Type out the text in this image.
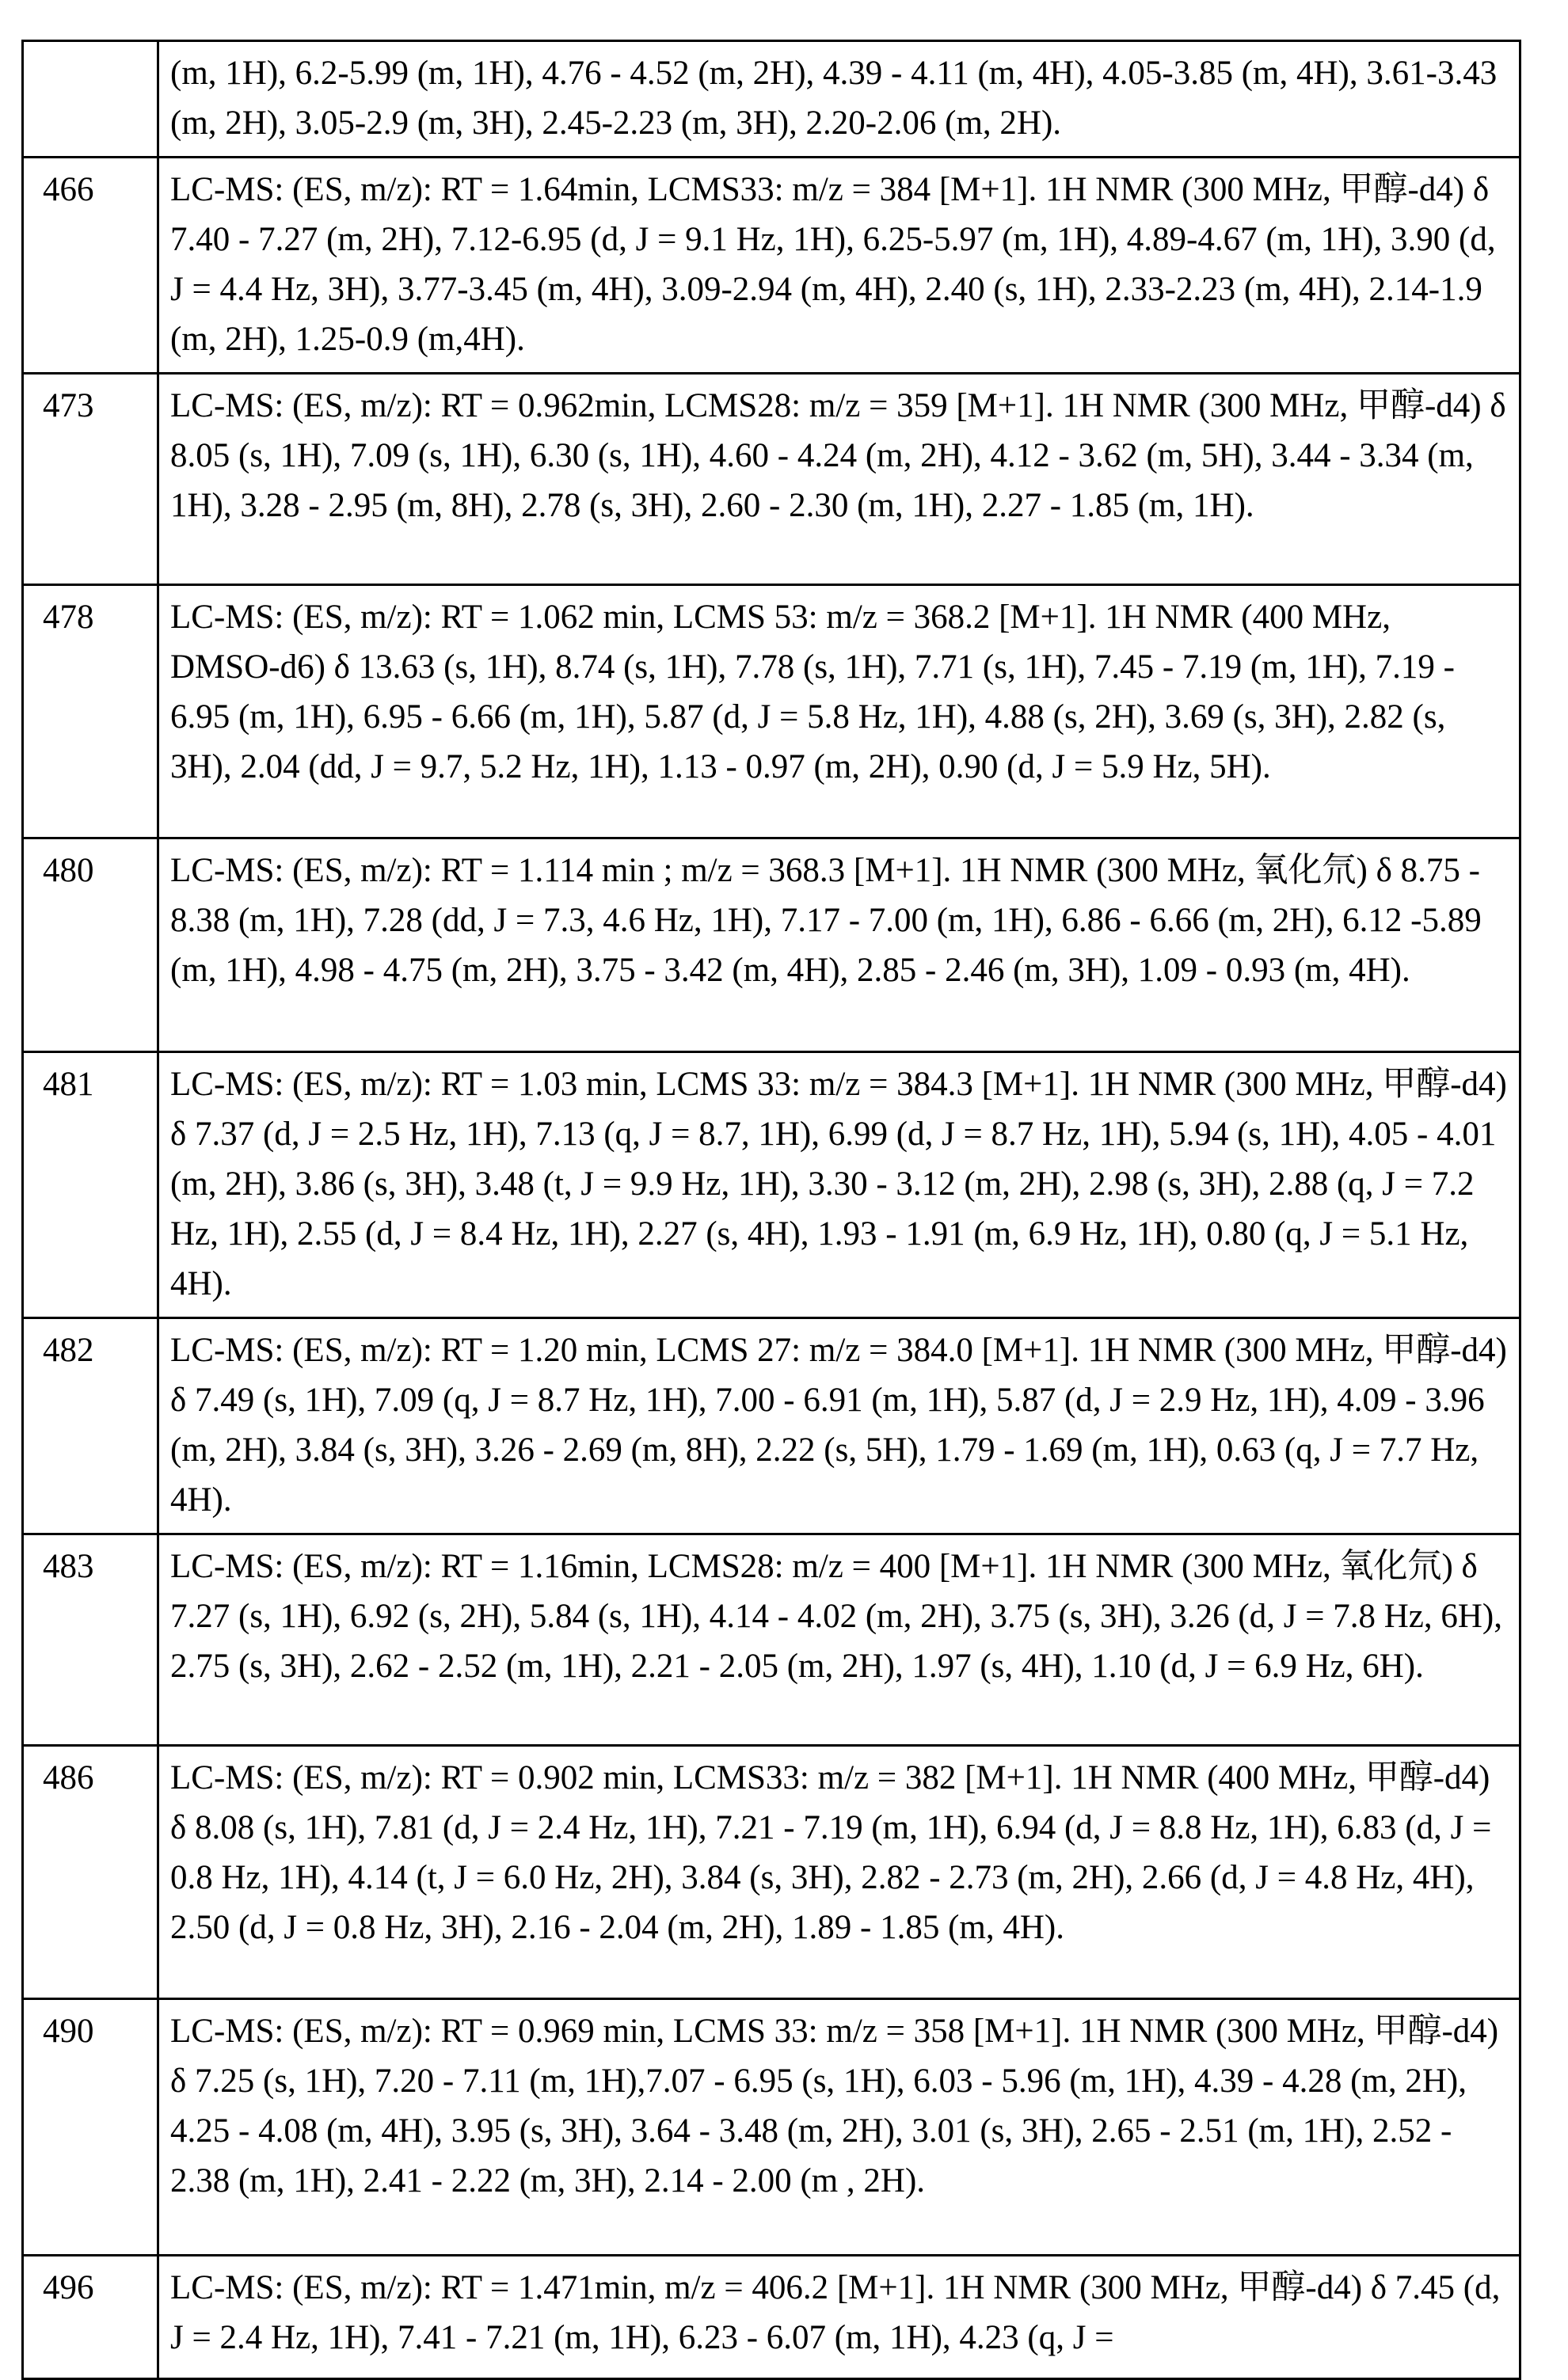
	(m, 1H), 6.2-5.99 (m, 1H), 4.76 - 4.52 (m, 2H), 4.39 - 4.11 (m, 4H), 4.05-3.85 (m, 4H), 3.61-3.43 (m, 2H), 3.05-2.9 (m, 3H), 2.45-2.23 (m, 3H), 2.20-2.06 (m, 2H).
466	LC-MS: (ES, m/z): RT = 1.64min, LCMS33: m/z = 384 [M+1]. 1H NMR (300 MHz, 甲醇-d4) δ 7.40 - 7.27 (m, 2H), 7.12-6.95 (d, J = 9.1 Hz, 1H), 6.25-5.97 (m, 1H), 4.89-4.67 (m, 1H), 3.90 (d, J = 4.4 Hz, 3H), 3.77-3.45 (m, 4H), 3.09-2.94 (m, 4H), 2.40 (s, 1H), 2.33-2.23 (m, 4H), 2.14-1.9 (m, 2H), 1.25-0.9 (m,4H).
473	LC-MS: (ES, m/z): RT = 0.962min, LCMS28: m/z = 359 [M+1]. 1H NMR (300 MHz, 甲醇-d4) δ 8.05 (s, 1H), 7.09 (s, 1H), 6.30 (s, 1H), 4.60 - 4.24 (m, 2H), 4.12 - 3.62 (m, 5H), 3.44 - 3.34 (m, 1H), 3.28 - 2.95 (m, 8H), 2.78 (s, 3H), 2.60 - 2.30 (m, 1H), 2.27 - 1.85 (m, 1H).
478	LC-MS: (ES, m/z): RT = 1.062 min, LCMS 53: m/z = 368.2 [M+1]. 1H NMR (400 MHz, DMSO-d6) δ 13.63 (s, 1H), 8.74 (s, 1H), 7.78 (s, 1H), 7.71 (s, 1H), 7.45 - 7.19 (m, 1H), 7.19 - 6.95 (m, 1H), 6.95 - 6.66 (m, 1H), 5.87 (d, J = 5.8 Hz, 1H), 4.88 (s, 2H), 3.69 (s, 3H), 2.82 (s, 3H), 2.04 (dd, J = 9.7, 5.2 Hz, 1H), 1.13 - 0.97 (m, 2H), 0.90 (d, J = 5.9 Hz, 5H).
480	LC-MS: (ES, m/z): RT = 1.114 min ; m/z = 368.3 [M+1]. 1H NMR (300 MHz, 氧化氘) δ 8.75 - 8.38 (m, 1H), 7.28 (dd, J = 7.3, 4.6 Hz, 1H), 7.17 - 7.00 (m, 1H), 6.86 - 6.66 (m, 2H), 6.12 -5.89 (m, 1H), 4.98 - 4.75 (m, 2H), 3.75 - 3.42 (m, 4H), 2.85 - 2.46 (m, 3H), 1.09 - 0.93 (m, 4H).
481	LC-MS: (ES, m/z): RT = 1.03 min, LCMS 33: m/z = 384.3 [M+1]. 1H NMR (300 MHz, 甲醇-d4) δ 7.37 (d, J = 2.5 Hz, 1H), 7.13 (q, J = 8.7, 1H), 6.99 (d, J = 8.7 Hz, 1H), 5.94 (s, 1H), 4.05 - 4.01 (m, 2H), 3.86 (s, 3H), 3.48 (t, J = 9.9 Hz, 1H), 3.30 - 3.12 (m, 2H), 2.98 (s, 3H), 2.88 (q, J = 7.2 Hz, 1H), 2.55 (d, J = 8.4 Hz, 1H), 2.27 (s, 4H), 1.93 - 1.91 (m, 6.9 Hz, 1H), 0.80 (q, J = 5.1 Hz, 4H).
482	LC-MS: (ES, m/z): RT = 1.20 min, LCMS 27: m/z = 384.0 [M+1]. 1H NMR (300 MHz, 甲醇-d4) δ 7.49 (s, 1H), 7.09 (q, J = 8.7 Hz, 1H), 7.00 - 6.91 (m, 1H), 5.87 (d, J = 2.9 Hz, 1H), 4.09 - 3.96 (m, 2H), 3.84 (s, 3H), 3.26 - 2.69 (m, 8H), 2.22 (s, 5H), 1.79 - 1.69 (m, 1H), 0.63 (q, J = 7.7 Hz, 4H).
483	LC-MS: (ES, m/z): RT = 1.16min, LCMS28: m/z = 400 [M+1]. 1H NMR (300 MHz, 氧化氘) δ 7.27 (s, 1H), 6.92 (s, 2H), 5.84 (s, 1H), 4.14 - 4.02 (m, 2H), 3.75 (s, 3H), 3.26 (d, J = 7.8 Hz, 6H), 2.75 (s, 3H), 2.62 - 2.52 (m, 1H), 2.21 - 2.05 (m, 2H), 1.97 (s, 4H), 1.10 (d, J = 6.9 Hz, 6H).
486	LC-MS: (ES, m/z): RT = 0.902 min, LCMS33: m/z = 382 [M+1]. 1H NMR (400 MHz, 甲醇-d4) δ 8.08 (s, 1H), 7.81 (d, J = 2.4 Hz, 1H), 7.21 - 7.19 (m, 1H), 6.94 (d, J = 8.8 Hz, 1H), 6.83 (d, J = 0.8 Hz, 1H), 4.14 (t, J = 6.0 Hz, 2H), 3.84 (s, 3H), 2.82 - 2.73 (m, 2H), 2.66 (d, J = 4.8 Hz, 4H), 2.50 (d, J = 0.8 Hz, 3H), 2.16 - 2.04 (m, 2H), 1.89 - 1.85 (m, 4H).
490	LC-MS: (ES, m/z): RT = 0.969 min, LCMS 33: m/z = 358 [M+1]. 1H NMR (300 MHz, 甲醇-d4) δ 7.25 (s, 1H), 7.20 - 7.11 (m, 1H),7.07 - 6.95 (s, 1H), 6.03 - 5.96 (m, 1H), 4.39 - 4.28 (m, 2H), 4.25 - 4.08 (m, 4H), 3.95 (s, 3H), 3.64 - 3.48 (m, 2H), 3.01 (s, 3H), 2.65 - 2.51 (m, 1H), 2.52 - 2.38 (m, 1H), 2.41 - 2.22 (m, 3H), 2.14 - 2.00 (m , 2H).
496	LC-MS: (ES, m/z): RT = 1.471min, m/z = 406.2 [M+1]. 1H NMR (300 MHz, 甲醇-d4) δ 7.45 (d, J = 2.4 Hz, 1H), 7.41 - 7.21 (m, 1H), 6.23 - 6.07 (m, 1H), 4.23 (q, J =
